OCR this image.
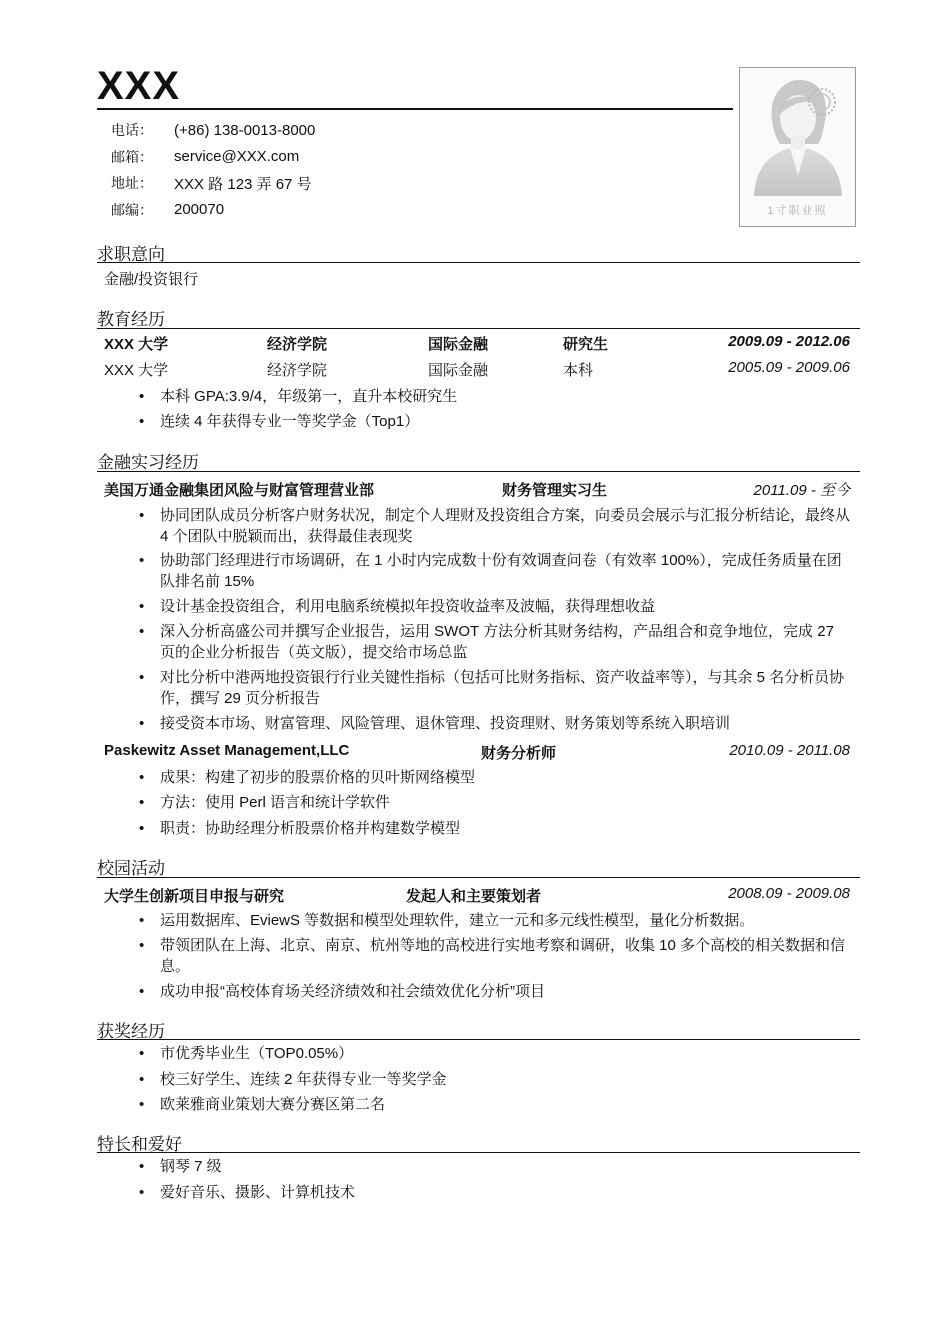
XXX
电话：	(+86) 138-0013-8000
邮箱：	service@XXX.com
地址：	XXX 路 123 弄 67 号
邮编：	200070	1寸职业照
求职意向
金融/投资银行
教育经历
XXX 大学	经济学院	国际金融	研究生	2009.09 - 2012.06
XXX 大学	经济学院	国际金融	本科	2005.09 - 2009.06
• 本科 GPA:3.9/4，年级第一，直升本校研究生
• 连续 4 年获得专业一等奖学金（Top1）
金融实习经历
美国万通金融集团风险与财富管理营业部	财务管理实习生	2011.09 - 至今
• 协同团队成员分析客户财务状况，制定个人理财及投资组合方案，向委员会展示与汇报分析结论，最终从 4 个团队中脱颖而出，获得最佳表现奖
• 协助部门经理进行市场调研，在 1 小时内完成数十份有效调查问卷（有效率 100%），完成任务质量在团队排名前 15%
• 设计基金投资组合，利用电脑系统模拟年投资收益率及波幅，获得理想收益
• 深入分析高盛公司并撰写企业报告，运用 SWOT 方法分析其财务结构，产品组合和竞争地位，完成 27 页的企业分析报告（英文版），提交给市场总监
• 对比分析中港两地投资银行行业关键性指标（包括可比财务指标、资产收益率等），与其余 5 名分析员协作，撰写 29 页分析报告
• 接受资本市场、财富管理、风险管理、退休管理、投资理财、财务策划等系统入职培训
Paskewitz Asset Management,LLC	财务分析师	2010.09 - 2011.08
• 成果：构建了初步的股票价格的贝叶斯网络模型
• 方法：使用 Perl 语言和统计学软件
• 职责：协助经理分析股票价格并构建数学模型
校园活动
大学生创新项目申报与研究	发起人和主要策划者	2008.09 - 2009.08
• 运用数据库、EviewS 等数据和模型处理软件，建立一元和多元线性模型，量化分析数据。
• 带领团队在上海、北京、南京、杭州等地的高校进行实地考察和调研，收集 10 多个高校的相关数据和信息。
• 成功申报“高校体育场关经济绩效和社会绩效优化分析”项目
获奖经历
• 市优秀毕业生（TOP0.05%）
• 校三好学生、连续 2 年获得专业一等奖学金
• 欧莱雅商业策划大赛分赛区第二名
特长和爱好
• 钢琴 7 级
• 爱好音乐、摄影、计算机技术
